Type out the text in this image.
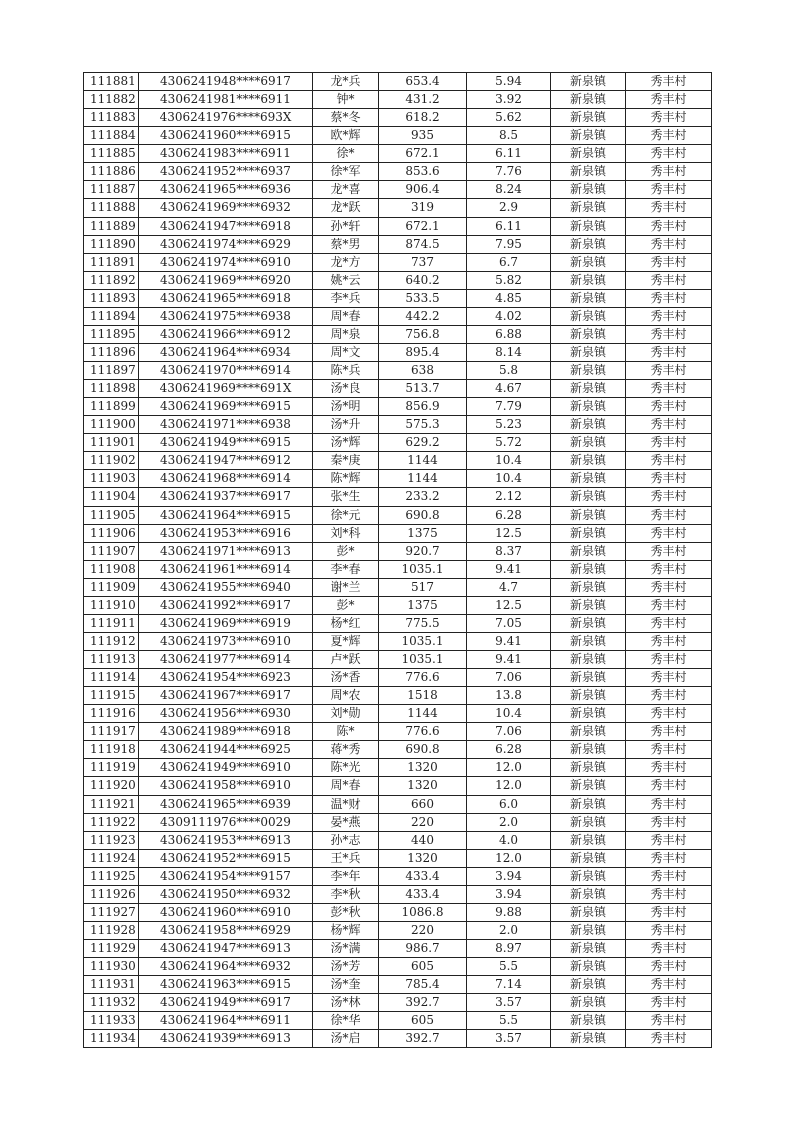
111881	4306241948****6917	龙*兵	653.4	5.94	新泉镇	秀丰村
111882	4306241981****6911	钟*	431.2	3.92	新泉镇	秀丰村
111883	4306241976****693X	蔡*冬	618.2	5.62	新泉镇	秀丰村
111884	4306241960****6915	欧*辉	935	8.5	新泉镇	秀丰村
111885	4306241983****6911	徐*	672.1	6.11	新泉镇	秀丰村
111886	4306241952****6937	徐*军	853.6	7.76	新泉镇	秀丰村
111887	4306241965****6936	龙*喜	906.4	8.24	新泉镇	秀丰村
111888	4306241969****6932	龙*跃	319	2.9	新泉镇	秀丰村
111889	4306241947****6918	孙*轩	672.1	6.11	新泉镇	秀丰村
111890	4306241974****6929	蔡*男	874.5	7.95	新泉镇	秀丰村
111891	4306241974****6910	龙*方	737	6.7	新泉镇	秀丰村
111892	4306241969****6920	姚*云	640.2	5.82	新泉镇	秀丰村
111893	4306241965****6918	李*兵	533.5	4.85	新泉镇	秀丰村
111894	4306241975****6938	周*春	442.2	4.02	新泉镇	秀丰村
111895	4306241966****6912	周*泉	756.8	6.88	新泉镇	秀丰村
111896	4306241964****6934	周*文	895.4	8.14	新泉镇	秀丰村
111897	4306241970****6914	陈*兵	638	5.8	新泉镇	秀丰村
111898	4306241969****691X	汤*良	513.7	4.67	新泉镇	秀丰村
111899	4306241969****6915	汤*明	856.9	7.79	新泉镇	秀丰村
111900	4306241971****6938	汤*升	575.3	5.23	新泉镇	秀丰村
111901	4306241949****6915	汤*辉	629.2	5.72	新泉镇	秀丰村
111902	4306241947****6912	秦*庚	1144	10.4	新泉镇	秀丰村
111903	4306241968****6914	陈*辉	1144	10.4	新泉镇	秀丰村
111904	4306241937****6917	张*生	233.2	2.12	新泉镇	秀丰村
111905	4306241964****6915	徐*元	690.8	6.28	新泉镇	秀丰村
111906	4306241953****6916	刘*科	1375	12.5	新泉镇	秀丰村
111907	4306241971****6913	彭*	920.7	8.37	新泉镇	秀丰村
111908	4306241961****6914	李*春	1035.1	9.41	新泉镇	秀丰村
111909	4306241955****6940	谢*兰	517	4.7	新泉镇	秀丰村
111910	4306241992****6917	彭*	1375	12.5	新泉镇	秀丰村
111911	4306241969****6919	杨*红	775.5	7.05	新泉镇	秀丰村
111912	4306241973****6910	夏*辉	1035.1	9.41	新泉镇	秀丰村
111913	4306241977****6914	卢*跃	1035.1	9.41	新泉镇	秀丰村
111914	4306241954****6923	汤*香	776.6	7.06	新泉镇	秀丰村
111915	4306241967****6917	周*农	1518	13.8	新泉镇	秀丰村
111916	4306241956****6930	刘*勋	1144	10.4	新泉镇	秀丰村
111917	4306241989****6918	陈*	776.6	7.06	新泉镇	秀丰村
111918	4306241944****6925	蒋*秀	690.8	6.28	新泉镇	秀丰村
111919	4306241949****6910	陈*光	1320	12.0	新泉镇	秀丰村
111920	4306241958****6910	周*春	1320	12.0	新泉镇	秀丰村
111921	4306241965****6939	温*财	660	6.0	新泉镇	秀丰村
111922	4309111976****0029	晏*燕	220	2.0	新泉镇	秀丰村
111923	4306241953****6913	孙*志	440	4.0	新泉镇	秀丰村
111924	4306241952****6915	王*兵	1320	12.0	新泉镇	秀丰村
111925	4306241954****9157	李*年	433.4	3.94	新泉镇	秀丰村
111926	4306241950****6932	李*秋	433.4	3.94	新泉镇	秀丰村
111927	4306241960****6910	彭*秋	1086.8	9.88	新泉镇	秀丰村
111928	4306241958****6929	杨*辉	220	2.0	新泉镇	秀丰村
111929	4306241947****6913	汤*满	986.7	8.97	新泉镇	秀丰村
111930	4306241964****6932	汤*芳	605	5.5	新泉镇	秀丰村
111931	4306241963****6915	汤*奎	785.4	7.14	新泉镇	秀丰村
111932	4306241949****6917	汤*林	392.7	3.57	新泉镇	秀丰村
111933	4306241964****6911	徐*华	605	5.5	新泉镇	秀丰村
111934	4306241939****6913	汤*启	392.7	3.57	新泉镇	秀丰村
